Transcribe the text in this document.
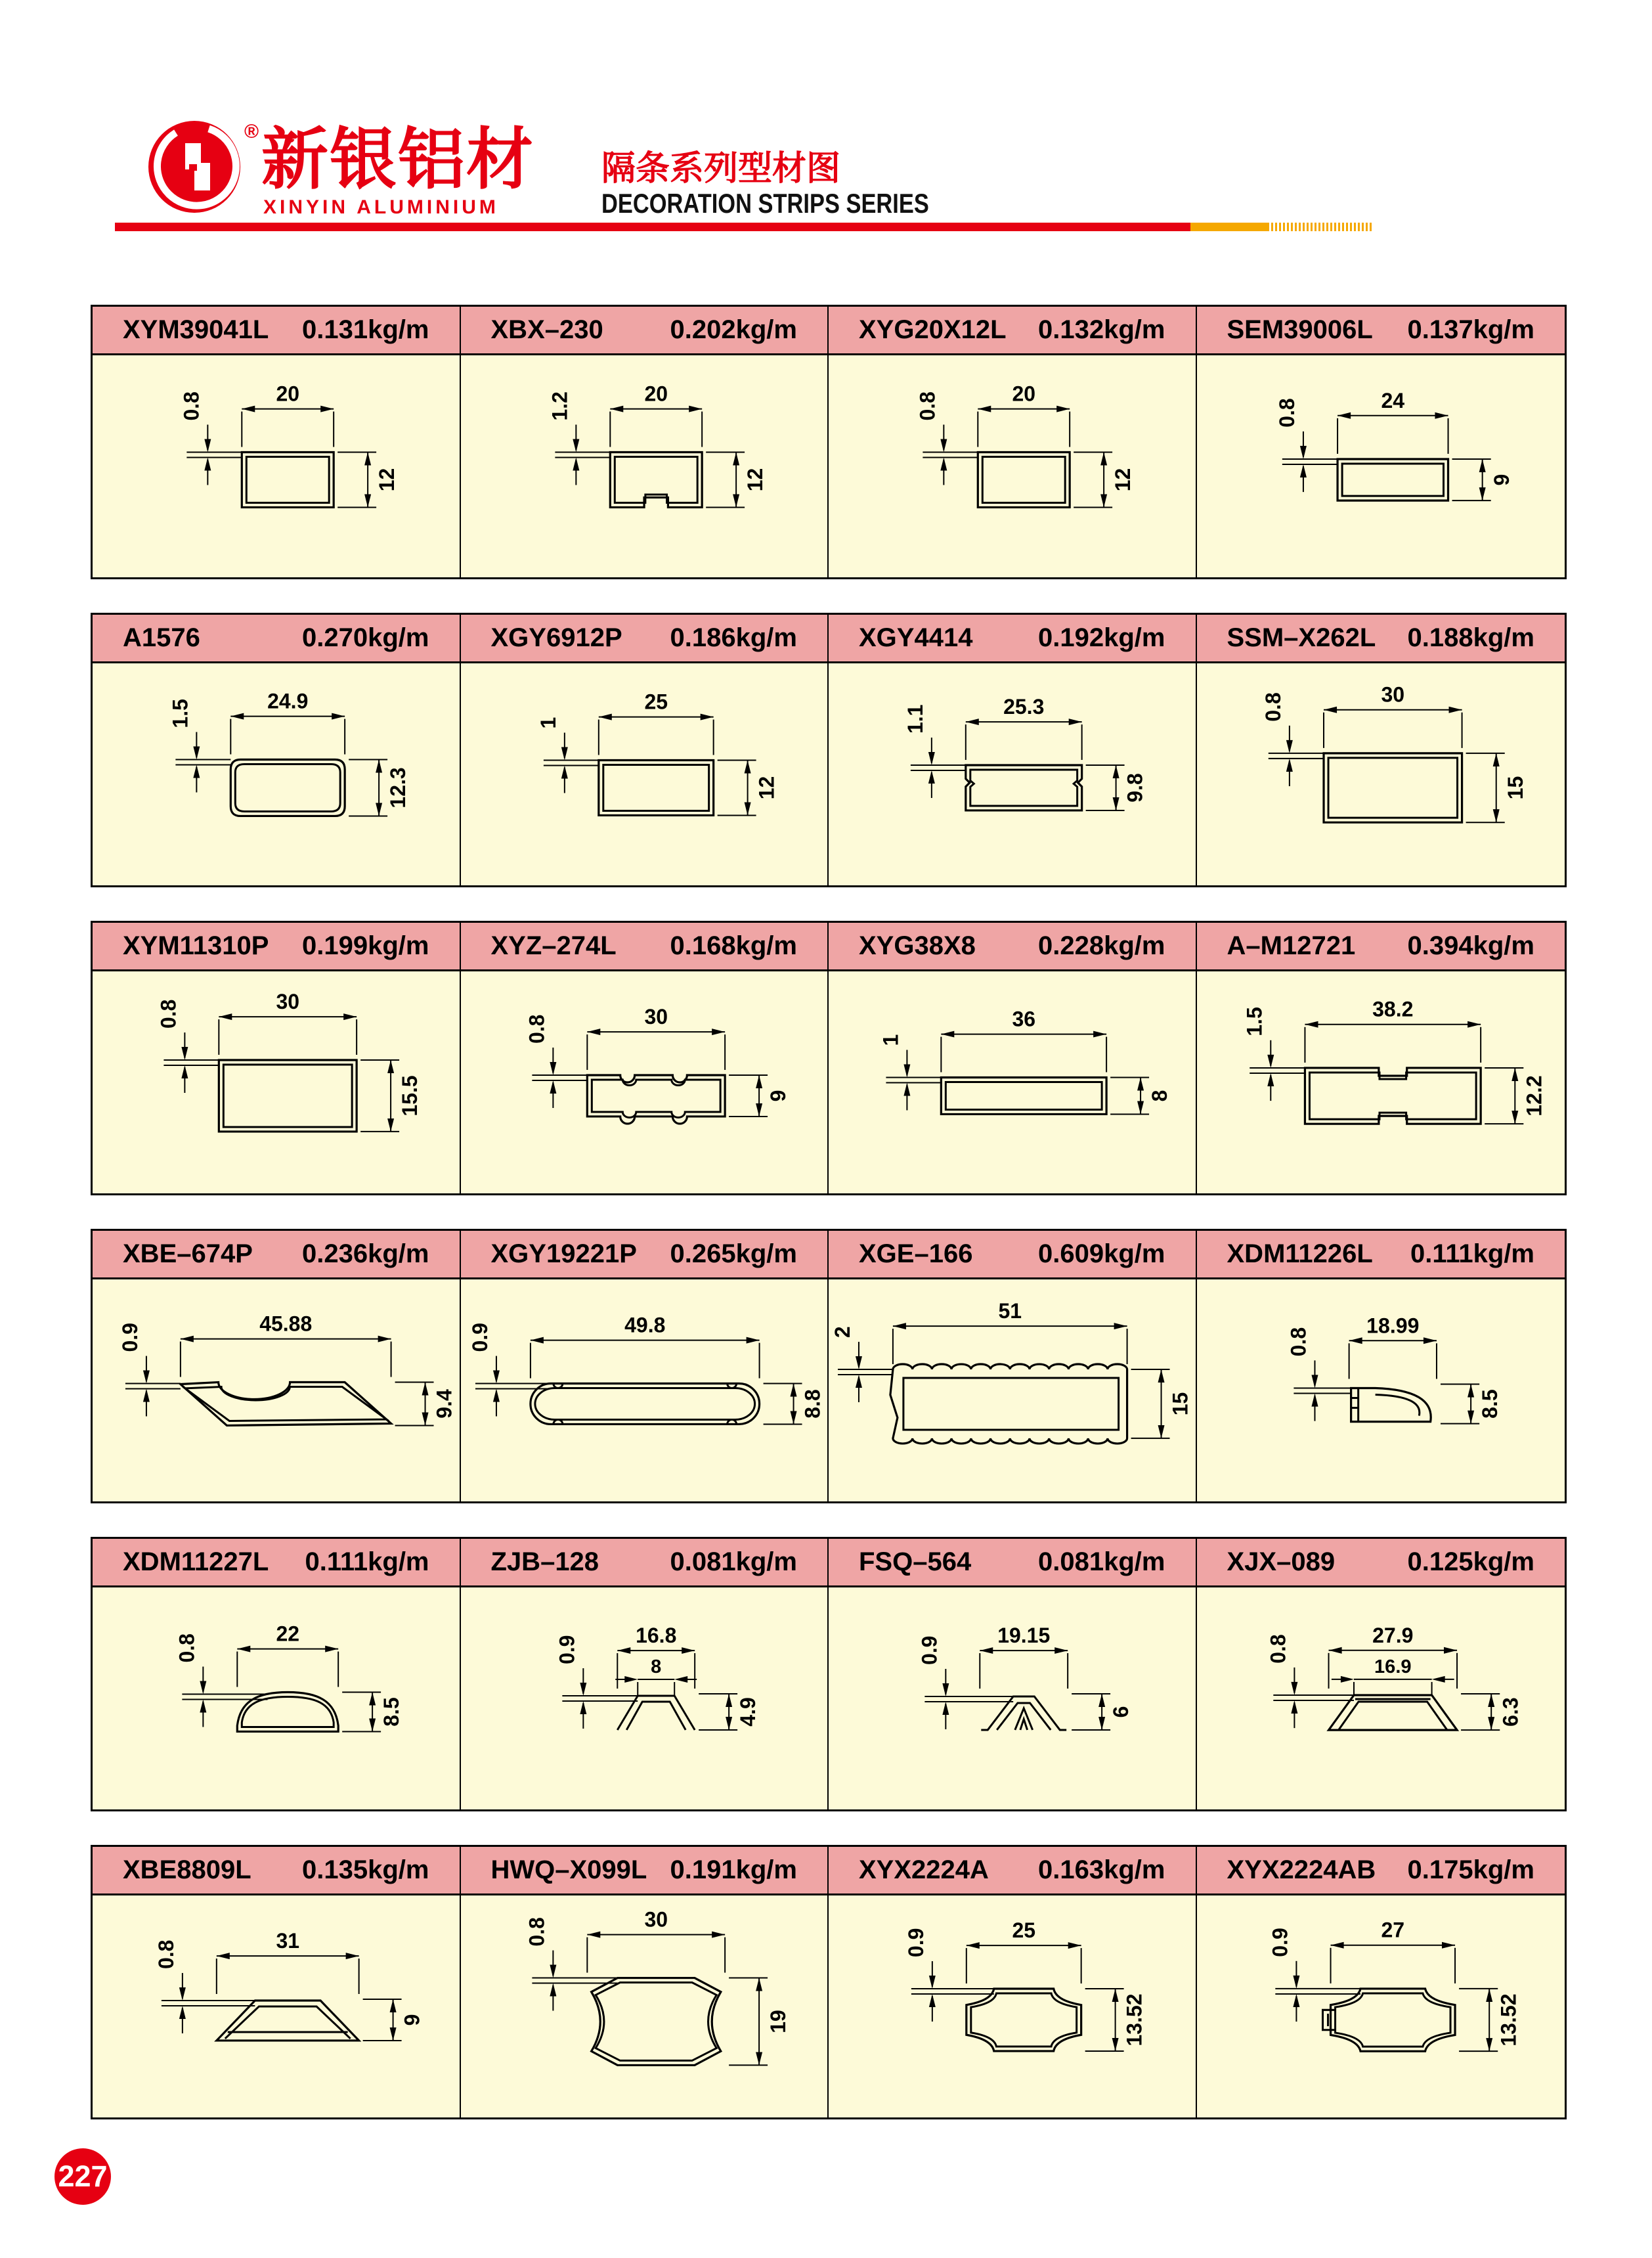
® 新银铝材
XINYIN ALUMINIUM
隔条系列型材图
DECORATION STRIPS SERIES
XYM39041L 0.131kg/m XBX–230	0.202kg/m XYG20X12L 0.132kg/m SEM39006L 0.137kg/m
20
0.8
12
20
1.2
12
20
0.8
12
24
0.8
9
A1576	0.270kg/m XGY6912P 0.186kg/m XGY4414 0.192kg/m SSM–X262L 0.188kg/m
24.9
1.5
12.3
25
1
12
25.3
1.1
9.8
30
0.8
15
XYM11310P 0.199kg/m XYZ–274L 0.168kg/m XYG38X8 0.228kg/m A–M12721 0.394kg/m
30
0.8
15.5
30
0.8
9
36
1
8
38.2
1.5
12.2
XBE–674P 0.236kg/m XGY19221P 0.265kg/m XGE–166 0.609kg/m XDM11226L 0.111kg/m
45.88
0.9
9.4
49.8
0.9
8.8
51
2
15
18.99
0.8
8.5
XDM11227L 0.111kg/m ZJB–128	0.081kg/m FSQ–564	0.081kg/m XJX–089	0.125kg/m
22
0.8
8.5
16.8
8
0.9
4.9
19.15
0.9
6
27.9
16.9
0.8
6.3
XBE8809L 0.135kg/m HWQ–X099L 0.191kg/m XYX2224A 0.163kg/m XYX2224AB 0.175kg/m
31
0.8
9
30
0.8
19
25
0.9
13.52
27
0.9
13.52
227
